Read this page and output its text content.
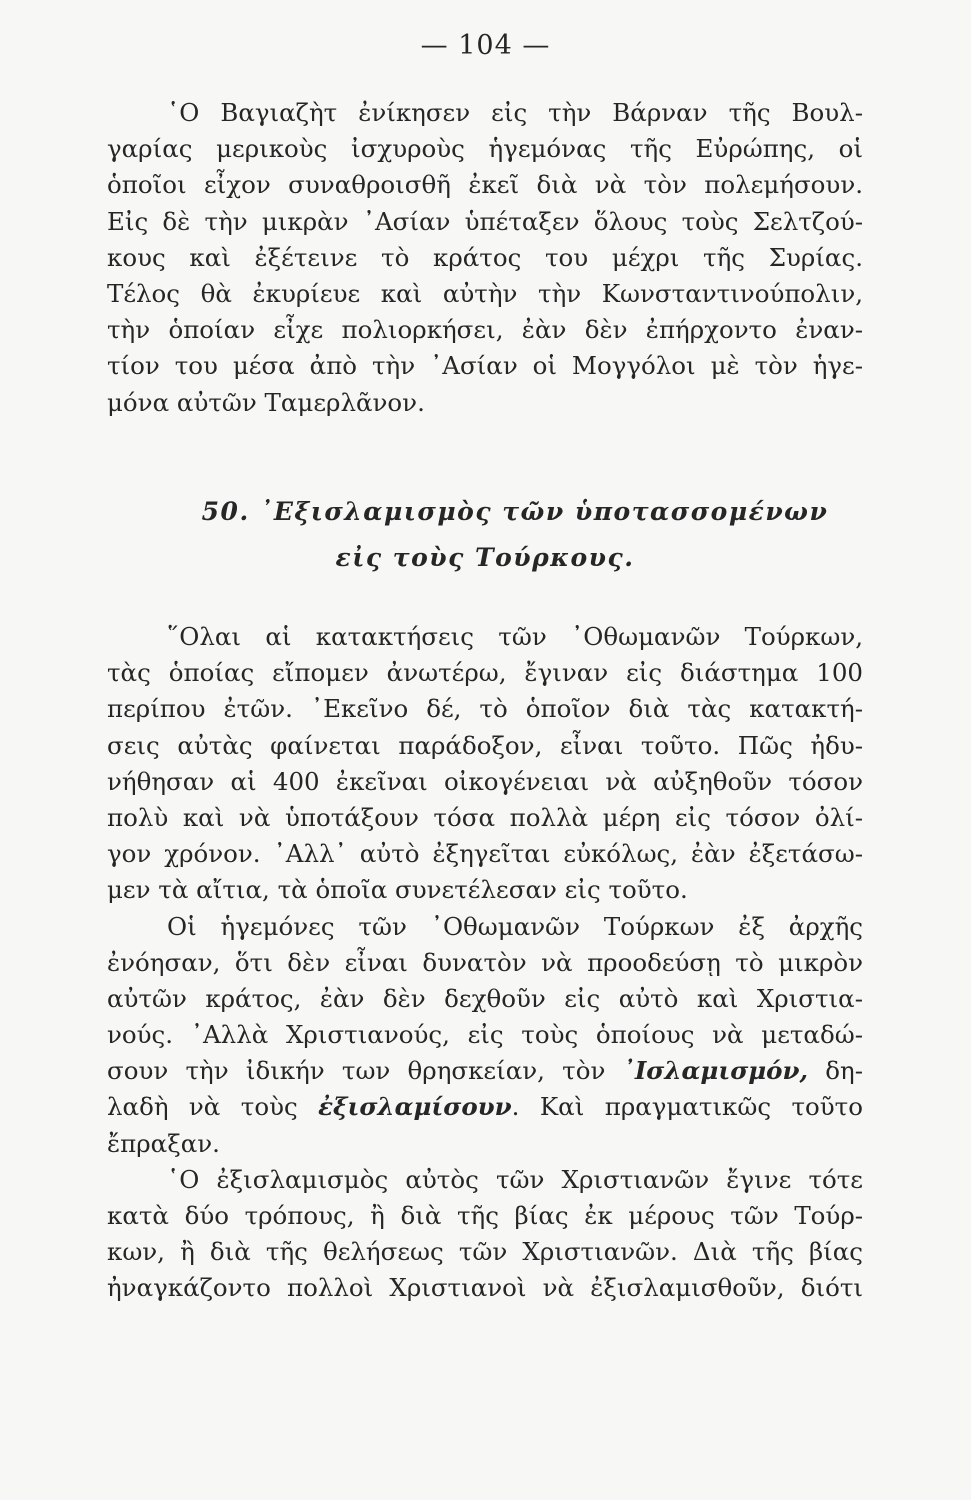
— 104 —
῾Ο Βαγιαζὴτ ἐνίκησεν εἰς τὴν Βάρναν τῆς Βουλ-
γαρίας μερικοὺς ἰσχυροὺς ἡγεμόνας τῆς Εὐρώπης, οἱ
ὁποῖοι εἶχον συναθροισθῆ ἐκεῖ διὰ νὰ τὸν πολεμήσουν.
Εἰς δὲ τὴν μικρὰν ᾿Ασίαν ὑπέταξεν ὅλους τοὺς Σελτζού-
κους καὶ ἐξέτεινε τὸ κράτος του μέχρι τῆς Συρίας.
Τέλος θὰ ἐκυρίευε καὶ αὐτὴν τὴν Κωνσταντινούπολιν,
τὴν ὁποίαν εἶχε πολιορκήσει, ἐὰν δὲν ἐπήρχοντο ἐναν-
τίον του μέσα ἀπὸ τὴν ᾿Ασίαν οἱ Μογγόλοι μὲ τὸν ἡγε-
μόνα αὐτῶν Ταμερλᾶνον.
50. ᾿Εξισλαμισμὸς τῶν ὑποτασσομένων
εἰς τοὺς Τούρκους.
῞Ολαι αἱ κατακτήσεις τῶν ᾿Οθωμανῶν Τούρκων,
τὰς ὁποίας εἴπομεν ἀνωτέρω, ἔγιναν εἰς διάστημα 100
περίπου ἐτῶν. ᾿Εκεῖνο δέ, τὸ ὁποῖον διὰ τὰς κατακτή-
σεις αὐτὰς φαίνεται παράδοξον, εἶναι τοῦτο. Πῶς ἠδυ-
νήθησαν αἱ 400 ἐκεῖναι οἰκογένειαι νὰ αὐξηθοῦν τόσον
πολὺ καὶ νὰ ὑποτάξουν τόσα πολλὰ μέρη εἰς τόσον ὀλί-
γον χρόνον. ᾿Αλλ᾿ αὐτὸ ἐξηγεῖται εὐκόλως, ἐὰν ἐξετάσω-
μεν τὰ αἴτια, τὰ ὁποῖα συνετέλεσαν εἰς τοῦτο.
Οἱ ἡγεμόνες τῶν ᾿Οθωμανῶν Τούρκων ἐξ ἀρχῆς
ἐνόησαν, ὅτι δὲν εἶναι δυνατὸν νὰ προοδεύσῃ τὸ μικρὸν
αὐτῶν κράτος, ἐὰν δὲν δεχθοῦν εἰς αὐτὸ καὶ Χριστια-
νούς. ᾿Αλλὰ Χριστιανούς, εἰς τοὺς ὁποίους νὰ μεταδώ-
σουν τὴν ἰδικήν των θρησκείαν, τὸν ᾿Ισλαμισμόν, δη-
λαδὴ νὰ τοὺς ἐξισλαμίσουν. Καὶ πραγματικῶς τοῦτο
ἔπραξαν.
῾Ο ἐξισλαμισμὸς αὐτὸς τῶν Χριστιανῶν ἔγινε τότε
κατὰ δύο τρόπους, ἢ διὰ τῆς βίας ἐκ μέρους τῶν Τούρ-
κων, ἢ διὰ τῆς θελήσεως τῶν Χριστιανῶν. Διὰ τῆς βίας
ἠναγκάζοντο πολλοὶ Χριστιανοὶ νὰ ἐξισλαμισθοῦν, διότι
